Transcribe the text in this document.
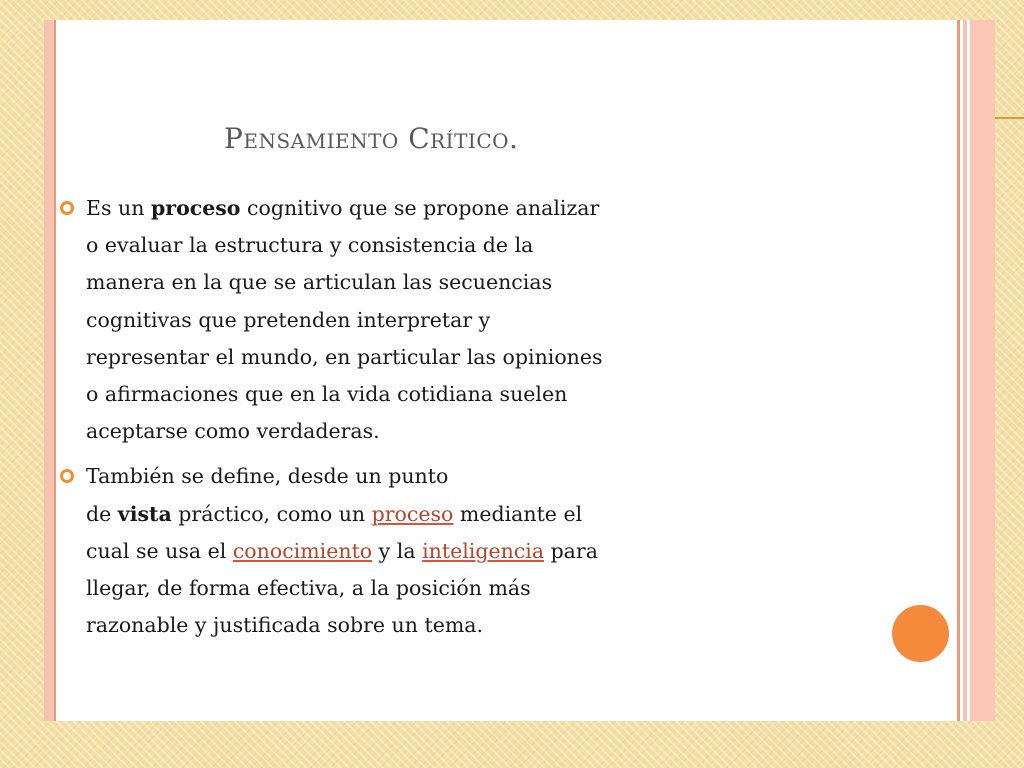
Pensamiento Crítico.

Es un proceso cognitivo que se propone analizar

o evaluar la estructura y consistencia de la

manera en la que se articulan las secuencias

cognitivas que pretenden interpretar y

representar el mundo, en particular las opiniones

o afirmaciones que en la vida cotidiana suelen

aceptarse como verdaderas.

También se define, desde un punto

de vista práctico, como un proceso mediante el

cual se usa el conocimiento y la inteligencia para

llegar, de forma efectiva, a la posición más

razonable y justificada sobre un tema.
